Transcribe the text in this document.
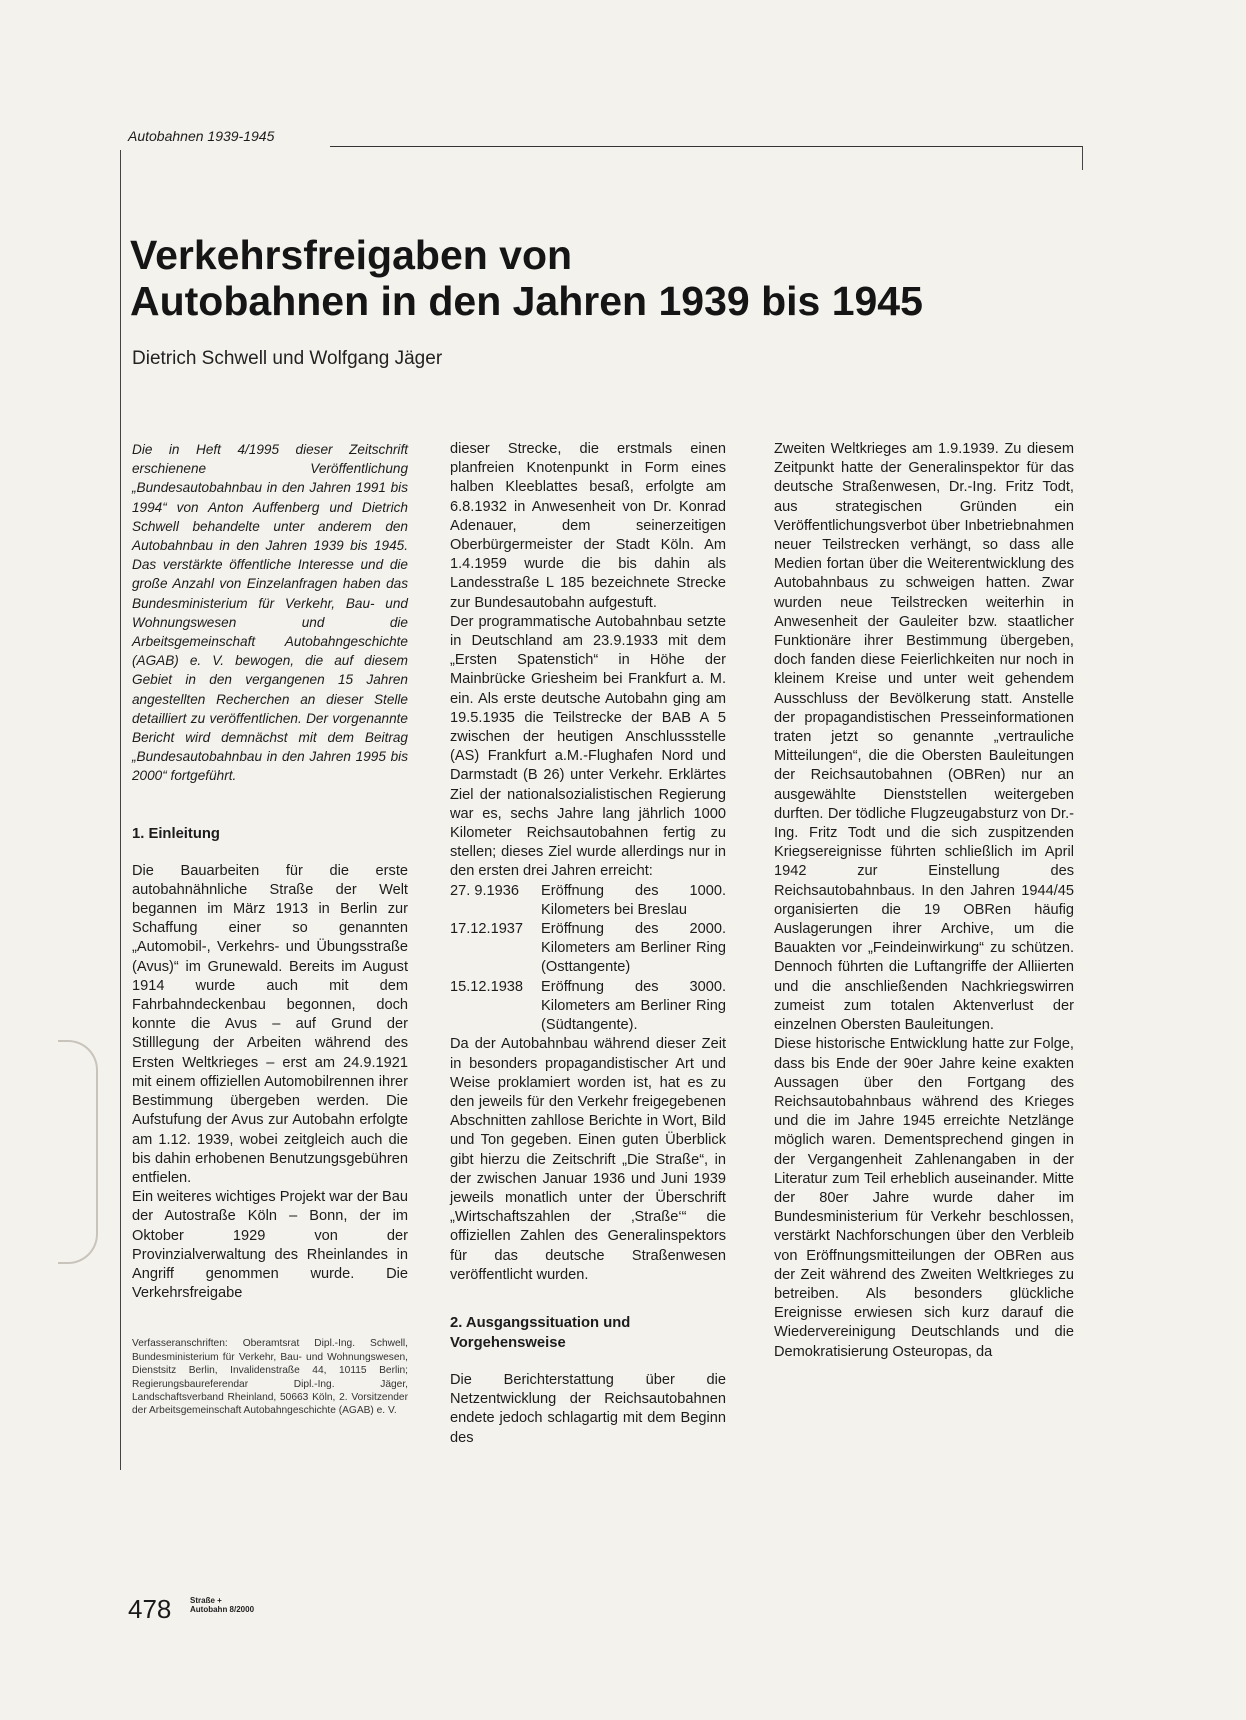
Autobahnen 1939-1945
Verkehrsfreigaben von
Autobahnen in den Jahren 1939 bis 1945
Dietrich Schwell und Wolfgang Jäger

Die in Heft 4/1995 dieser Zeitschrift erschienene Veröffentlichung „Bundesautobahnbau in den Jahren 1991 bis 1994“ von Anton Auffenberg und Dietrich Schwell behandelte unter anderem den Autobahnbau in den Jahren 1939 bis 1945. Das verstärkte öffentliche Interesse und die große Anzahl von Einzelanfragen haben das Bundesministerium für Verkehr, Bau- und Wohnungswesen und die Arbeitsgemeinschaft Autobahngeschichte (AGAB) e. V. bewogen, die auf diesem Gebiet in den vergangenen 15 Jahren angestellten Recherchen an dieser Stelle detailliert zu veröffentlichen. Der vorgenannte Bericht wird demnächst mit dem Beitrag „Bundesautobahnbau in den Jahren 1995 bis 2000“ fortgeführt.

1. Einleitung

Die Bauarbeiten für die erste autobahnähnliche Straße der Welt begannen im März 1913 in Berlin zur Schaffung einer so genannten „Automobil-, Verkehrs- und Übungsstraße (Avus)“ im Grunewald. Bereits im August 1914 wurde auch mit dem Fahrbahndeckenbau begonnen, doch konnte die Avus – auf Grund der Stilllegung der Arbeiten während des Ersten Weltkrieges – erst am 24.9.1921 mit einem offiziellen Automobilrennen ihrer Bestimmung übergeben werden. Die Aufstufung der Avus zur Autobahn erfolgte am 1.12. 1939, wobei zeitgleich auch die bis dahin erhobenen Benutzungsgebühren entfielen.

Ein weiteres wichtiges Projekt war der Bau der Autostraße Köln – Bonn, der im Oktober 1929 von der Provinzialverwaltung des Rheinlandes in Angriff genommen wurde. Die Verkehrsfreigabe

Verfasseranschriften: Oberamtsrat Dipl.-Ing. Schwell, Bundesministerium für Verkehr, Bau- und Wohnungswesen, Dienstsitz Berlin, Invalidenstraße 44, 10115 Berlin; Regierungsbaureferendar Dipl.-Ing. Jäger, Landschaftsverband Rheinland, 50663 Köln, 2. Vorsitzender der Arbeitsgemeinschaft Autobahngeschichte (AGAB) e. V.

dieser Strecke, die erstmals einen planfreien Knotenpunkt in Form eines halben Kleeblattes besaß, erfolgte am 6.8.1932 in Anwesenheit von Dr. Konrad Adenauer, dem seinerzeitigen Oberbürgermeister der Stadt Köln. Am 1.4.1959 wurde die bis dahin als Landesstraße L 185 bezeichnete Strecke zur Bundesautobahn aufgestuft.

Der programmatische Autobahnbau setzte in Deutschland am 23.9.1933 mit dem „Ersten Spatenstich“ in Höhe der Mainbrücke Griesheim bei Frankfurt a. M. ein. Als erste deutsche Autobahn ging am 19.5.1935 die Teilstrecke der BAB A 5 zwischen der heutigen Anschlussstelle (AS) Frankfurt a.M.-Flughafen Nord und Darmstadt (B 26) unter Verkehr. Erklärtes Ziel der nationalsozialistischen Regierung war es, sechs Jahre lang jährlich 1000 Kilometer Reichsautobahnen fertig zu stellen; dieses Ziel wurde allerdings nur in den ersten drei Jahren erreicht:

27. 9.1936	Eröffnung des 1000. Kilometers bei Breslau
17.12.1937	Eröffnung des 2000. Kilometers am Berliner Ring (Osttangente)
15.12.1938	Eröffnung des 3000. Kilometers am Berliner Ring (Südtangente).

Da der Autobahnbau während dieser Zeit in besonders propagandistischer Art und Weise proklamiert worden ist, hat es zu den jeweils für den Verkehr freigegebenen Abschnitten zahllose Berichte in Wort, Bild und Ton gegeben. Einen guten Überblick gibt hierzu die Zeitschrift „Die Straße“, in der zwischen Januar 1936 und Juni 1939 jeweils monatlich unter der Überschrift „Wirtschaftszahlen der ‚Straße‘“ die offiziellen Zahlen des Generalinspektors für das deutsche Straßenwesen veröffentlicht wurden.

2. Ausgangssituation und Vorgehensweise

Die Berichterstattung über die Netzentwicklung der Reichsautobahnen endete jedoch schlagartig mit dem Beginn des

Zweiten Weltkrieges am 1.9.1939. Zu diesem Zeitpunkt hatte der Generalinspektor für das deutsche Straßenwesen, Dr.-Ing. Fritz Todt, aus strategischen Gründen ein Veröffentlichungsverbot über Inbetriebnahmen neuer Teilstrecken verhängt, so dass alle Medien fortan über die Weiterentwicklung des Autobahnbaus zu schweigen hatten. Zwar wurden neue Teilstrecken weiterhin in Anwesenheit der Gauleiter bzw. staatlicher Funktionäre ihrer Bestimmung übergeben, doch fanden diese Feierlichkeiten nur noch in kleinem Kreise und unter weit gehendem Ausschluss der Bevölkerung statt. Anstelle der propagandistischen Presseinformationen traten jetzt so genannte „vertrauliche Mitteilungen“, die die Obersten Bauleitungen der Reichsautobahnen (OBRen) nur an ausgewählte Dienststellen weitergeben durften. Der tödliche Flugzeugabsturz von Dr.-Ing. Fritz Todt und die sich zuspitzenden Kriegsereignisse führten schließlich im April 1942 zur Einstellung des Reichsautobahnbaus. In den Jahren 1944/45 organisierten die 19 OBRen häufig Auslagerungen ihrer Archive, um die Bauakten vor „Feindeinwirkung“ zu schützen. Dennoch führten die Luftangriffe der Alliierten und die anschließenden Nachkriegswirren zumeist zum totalen Aktenverlust der einzelnen Obersten Bauleitungen.

Diese historische Entwicklung hatte zur Folge, dass bis Ende der 90er Jahre keine exakten Aussagen über den Fortgang des Reichsautobahnbaus während des Krieges und die im Jahre 1945 erreichte Netzlänge möglich waren. Dementsprechend gingen in der Vergangenheit Zahlenangaben in der Literatur zum Teil erheblich auseinander. Mitte der 80er Jahre wurde daher im Bundesministerium für Verkehr beschlossen, verstärkt Nachforschungen über den Verbleib von Eröffnungsmitteilungen der OBRen aus der Zeit während des Zweiten Weltkrieges zu betreiben. Als besonders glückliche Ereignisse erwiesen sich kurz darauf die Wiedervereinigung Deutschlands und die Demokratisierung Osteuropas, da

478 Straße +
Autobahn 8/2000
